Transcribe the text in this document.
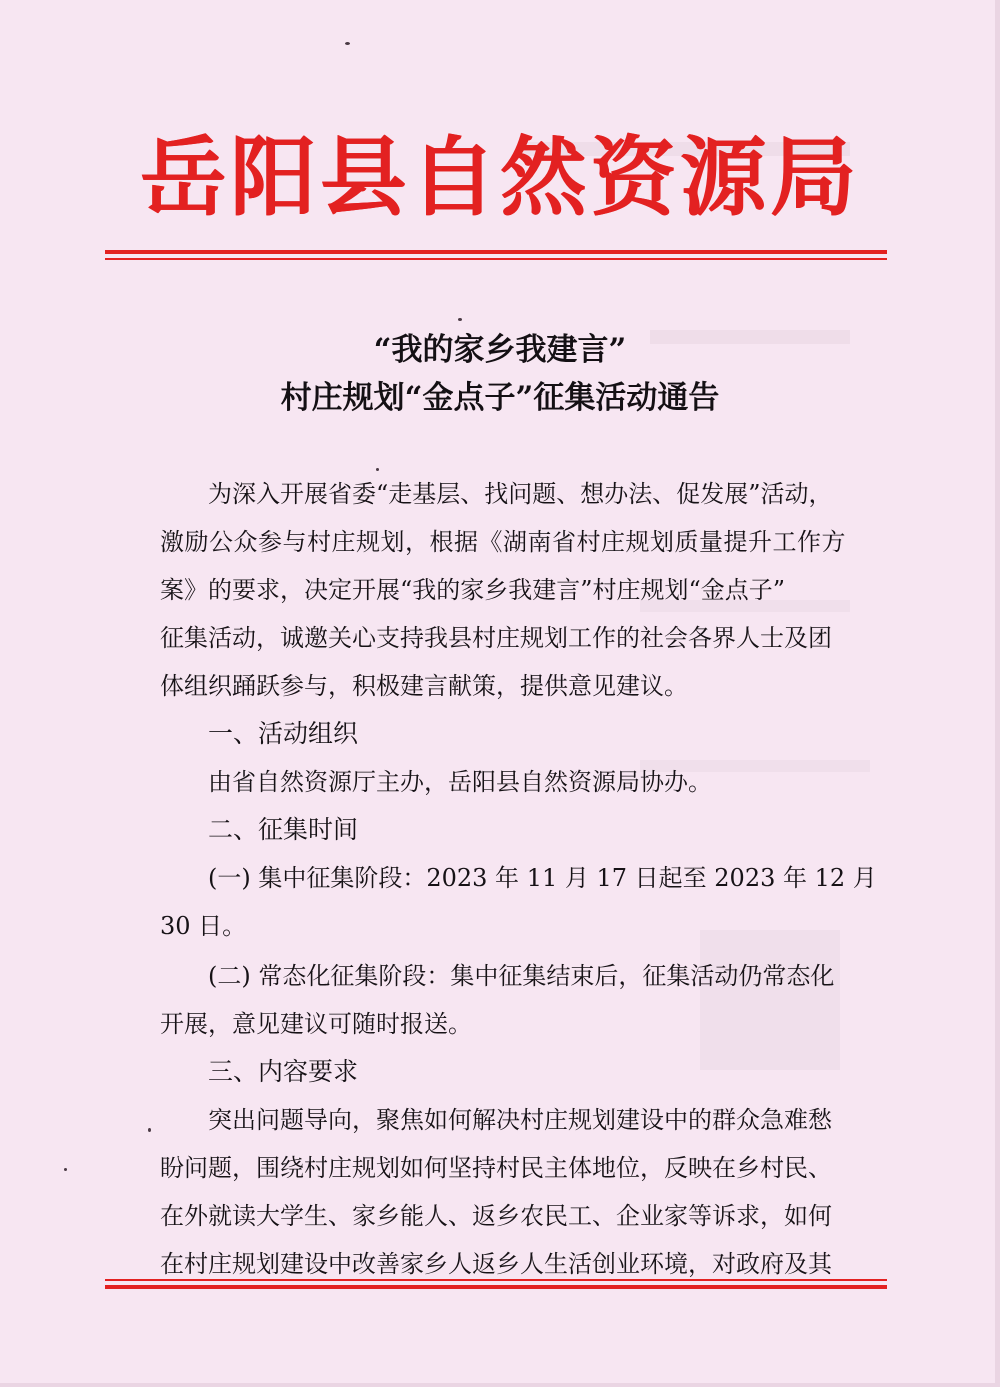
岳阳县自然资源局
“我的家乡我建言”
村庄规划“金点子”征集活动通告
为深入开展省委“走基层、找问题、想办法、促发展”活动，
激励公众参与村庄规划，根据《湖南省村庄规划质量提升工作方
案》的要求，决定开展“我的家乡我建言”村庄规划“金点子”
征集活动，诚邀关心支持我县村庄规划工作的社会各界人士及团
体组织踊跃参与，积极建言献策，提供意见建议。
一、活动组织
由省自然资源厅主办，岳阳县自然资源局协办。
二、征集时间
(一) 集中征集阶段：2023 年 11 月 17 日起至 2023 年 12 月
30 日。
(二) 常态化征集阶段：集中征集结束后，征集活动仍常态化
开展，意见建议可随时报送。
三、内容要求
突出问题导向，聚焦如何解决村庄规划建设中的群众急难愁
盼问题，围绕村庄规划如何坚持村民主体地位，反映在乡村民、
在外就读大学生、家乡能人、返乡农民工、企业家等诉求，如何
在村庄规划建设中改善家乡人返乡人生活创业环境，对政府及其
